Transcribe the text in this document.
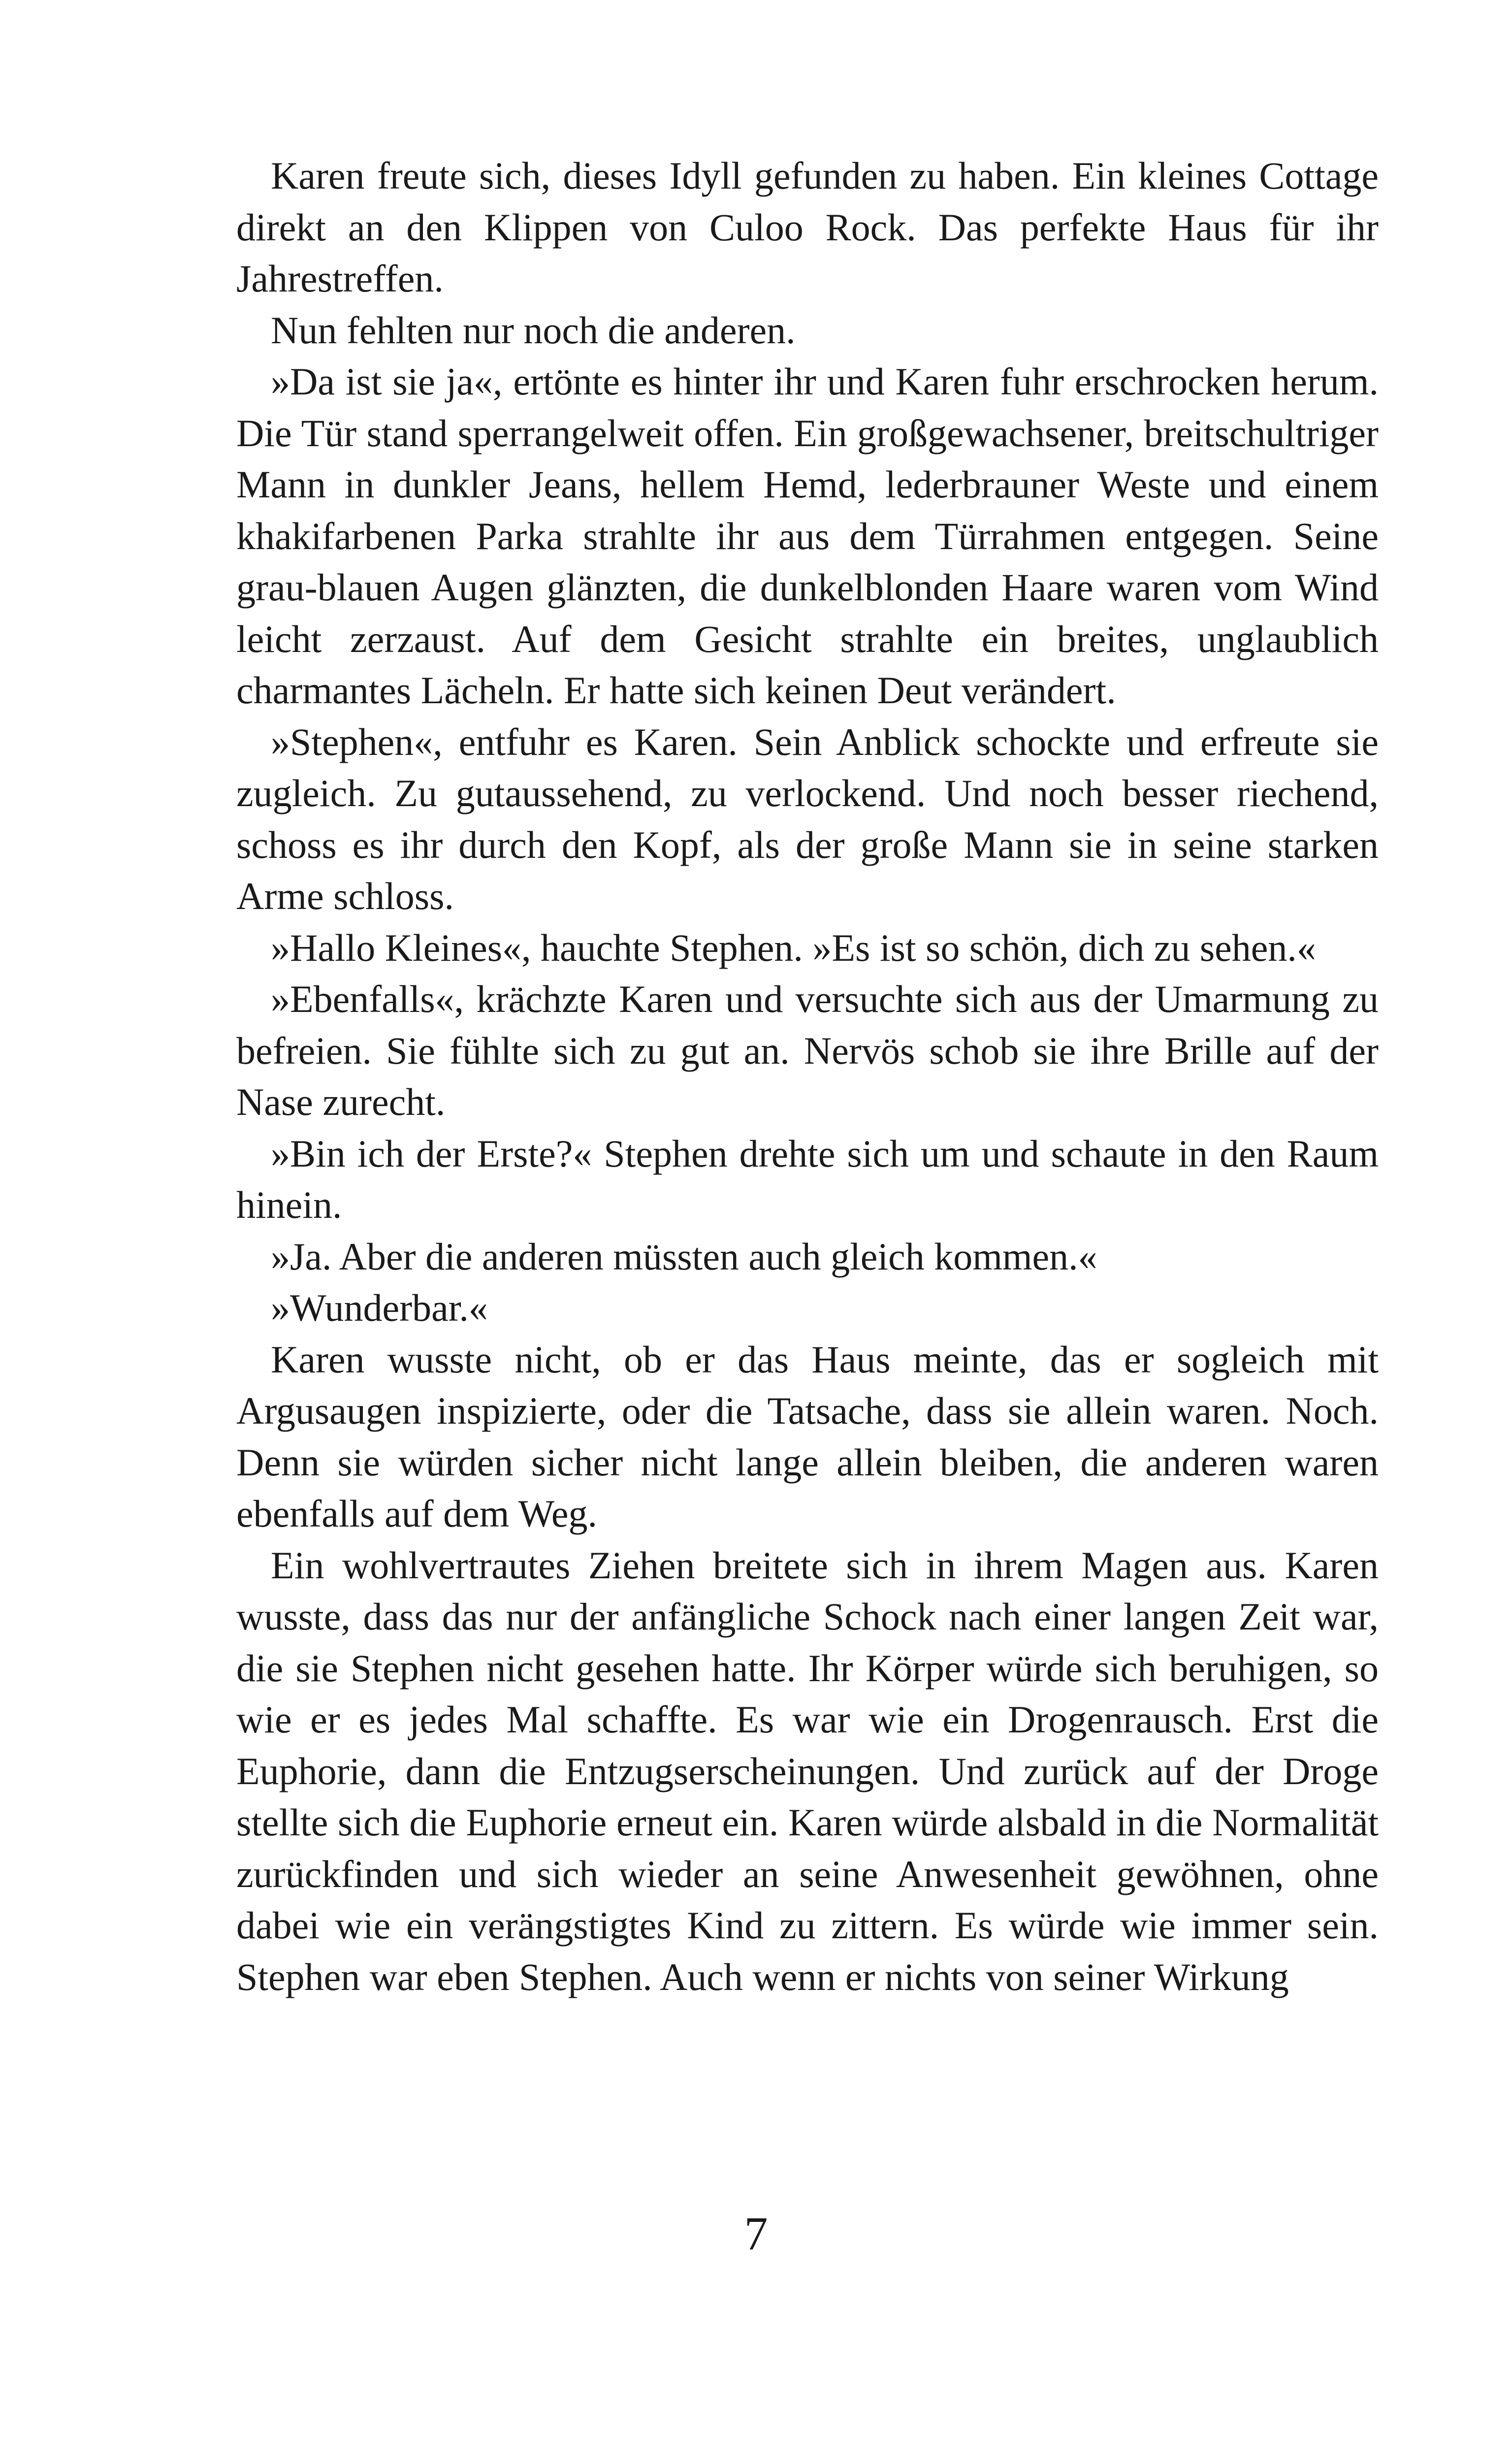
Karen freute sich, dieses Idyll gefunden zu haben. Ein kleines Cottage direkt an den Klippen von Culoo Rock. Das perfekte Haus für ihr Jahrestreffen.

Nun fehlten nur noch die anderen.

»Da ist sie ja«, ertönte es hinter ihr und Karen fuhr erschrocken herum. Die Tür stand sperrangelweit offen. Ein großgewachsener, breitschultriger Mann in dunkler Jeans, hellem Hemd, lederbrauner Weste und einem khakifarbenen Parka strahlte ihr aus dem Türrahmen entgegen. Seine grau-blauen Augen glänzten, die dunkelblonden Haare waren vom Wind leicht zerzaust. Auf dem Gesicht strahlte ein breites, unglaublich charmantes Lächeln. Er hatte sich keinen Deut verändert.

»Stephen«, entfuhr es Karen. Sein Anblick schockte und erfreute sie zugleich. Zu gutaussehend, zu verlockend. Und noch besser riechend, schoss es ihr durch den Kopf, als der große Mann sie in seine starken Arme schloss.

»Hallo Kleines«, hauchte Stephen. »Es ist so schön, dich zu sehen.«

»Ebenfalls«, krächzte Karen und versuchte sich aus der Umarmung zu befreien. Sie fühlte sich zu gut an. Nervös schob sie ihre Brille auf der Nase zurecht.

»Bin ich der Erste?« Stephen drehte sich um und schaute in den Raum hinein.

»Ja. Aber die anderen müssten auch gleich kommen.«

»Wunderbar.«

Karen wusste nicht, ob er das Haus meinte, das er sogleich mit Argusaugen inspizierte, oder die Tatsache, dass sie allein waren. Noch. Denn sie würden sicher nicht lange allein bleiben, die anderen waren ebenfalls auf dem Weg.

Ein wohlvertrautes Ziehen breitete sich in ihrem Magen aus. Karen wusste, dass das nur der anfängliche Schock nach einer langen Zeit war, die sie Stephen nicht gesehen hatte. Ihr Körper würde sich beruhigen, so wie er es jedes Mal schaffte. Es war wie ein Drogenrausch. Erst die Euphorie, dann die Entzugserscheinungen. Und zurück auf der Droge stellte sich die Euphorie erneut ein. Karen würde alsbald in die Normalität zurückfinden und sich wieder an seine Anwesenheit gewöhnen, ohne dabei wie ein verängstigtes Kind zu zittern. Es würde wie immer sein. Stephen war eben Stephen. Auch wenn er nichts von seiner Wirkung

7
